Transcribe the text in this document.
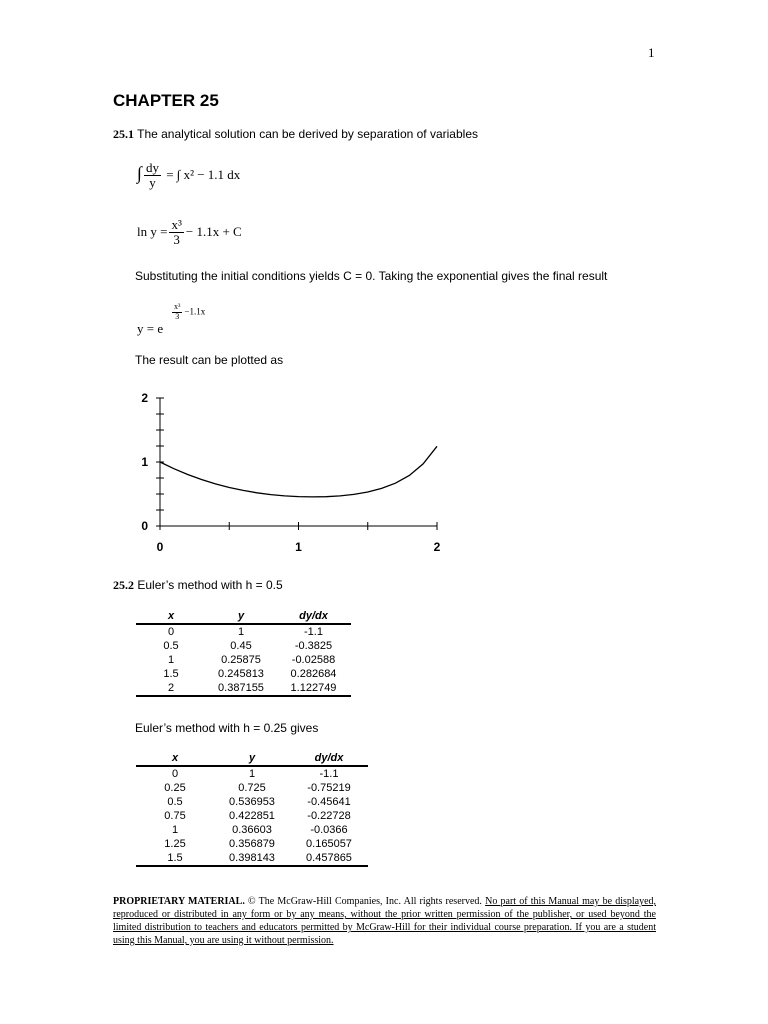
1
CHAPTER 25
25.1 The analytical solution can be derived by separation of variables
∫ $\frac{dy}{y}$ = ∫ x² − 1.1 dx
$\ln y = \frac{\text{x³}}{3} - 1.1x + C$
Substituting the initial conditions yields C = 0. Taking the exponential gives the final result
y = e
$\frac{\text{x³}}{3} -1.1x$
The result can be plotted as
0	1	2
0
1
2
25.2 Euler’s method with h = 0.5
x	y	dy/dx
0	1	-1.1
0.5	0.45	-0.3825
1	0.25875	-0.02588
1.5	0.245813	0.282684
2	0.387155	1.122749
Euler’s method with h = 0.25 gives
x	y	dy/dx
0	1	-1.1
0.25	0.725	-0.75219
0.5	0.536953	-0.45641
0.75	0.422851	-0.22728
1	0.36603	-0.0366
1.25	0.356879	0.165057
1.5	0.398143	0.457865
PROPRIETARY MATERIAL. © The McGraw-Hill Companies, Inc. All rights reserved. No part of this Manual may be displayed, reproduced or distributed in any form or by any means, without the prior written permission of the publisher, or used beyond the limited distribution to teachers and educators permitted by McGraw-Hill for their individual course preparation. If you are a student using this Manual, you are using it without permission.
